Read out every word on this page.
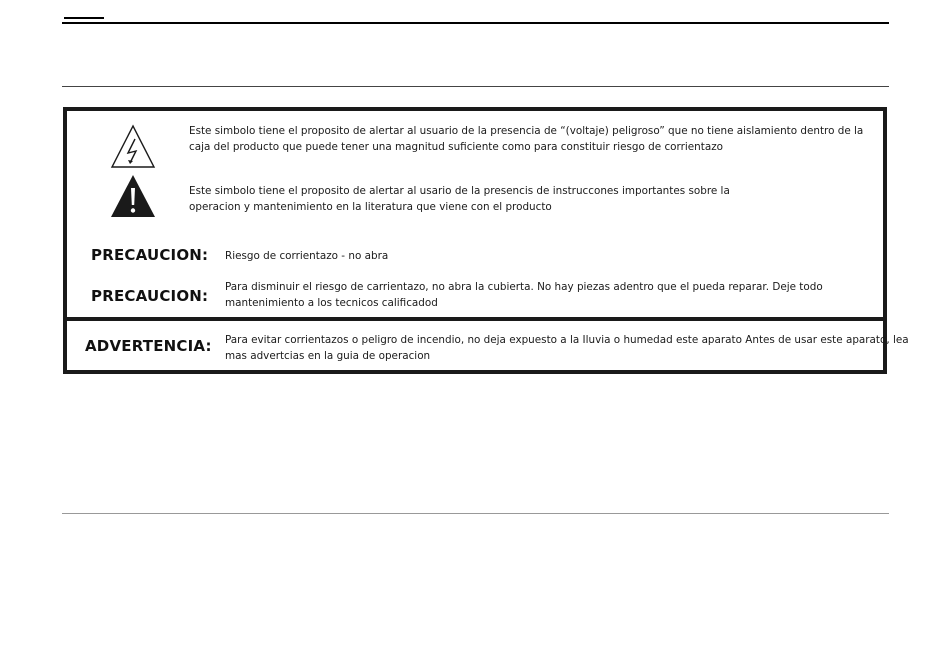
Este simbolo tiene el proposito de alertar al usuario de la presencia de “(voltaje) peligroso” que no tiene aislamiento dentro de la
caja del producto que puede tener una magnitud suficiente como para constituir riesgo de corrientazo
Este simbolo tiene el proposito de alertar al usario de la presencis de instruccones importantes sobre la
operacion y mantenimiento en la literatura que viene con el producto
PRECAUCION: Riesgo de corrientazo - no abra
PRECAUCION: Para disminuir el riesgo de carrientazo, no abra la cubierta. No hay piezas adentro que el pueda reparar. Deje todo
mantenimiento a los tecnicos calificadod
ADVERTENCIA: Para evitar corrientazos o peligro de incendio, no deja expuesto a la Iluvia o humedad este aparato Antes de usar este aparato, lea
mas advertcias en la guia de operacion
